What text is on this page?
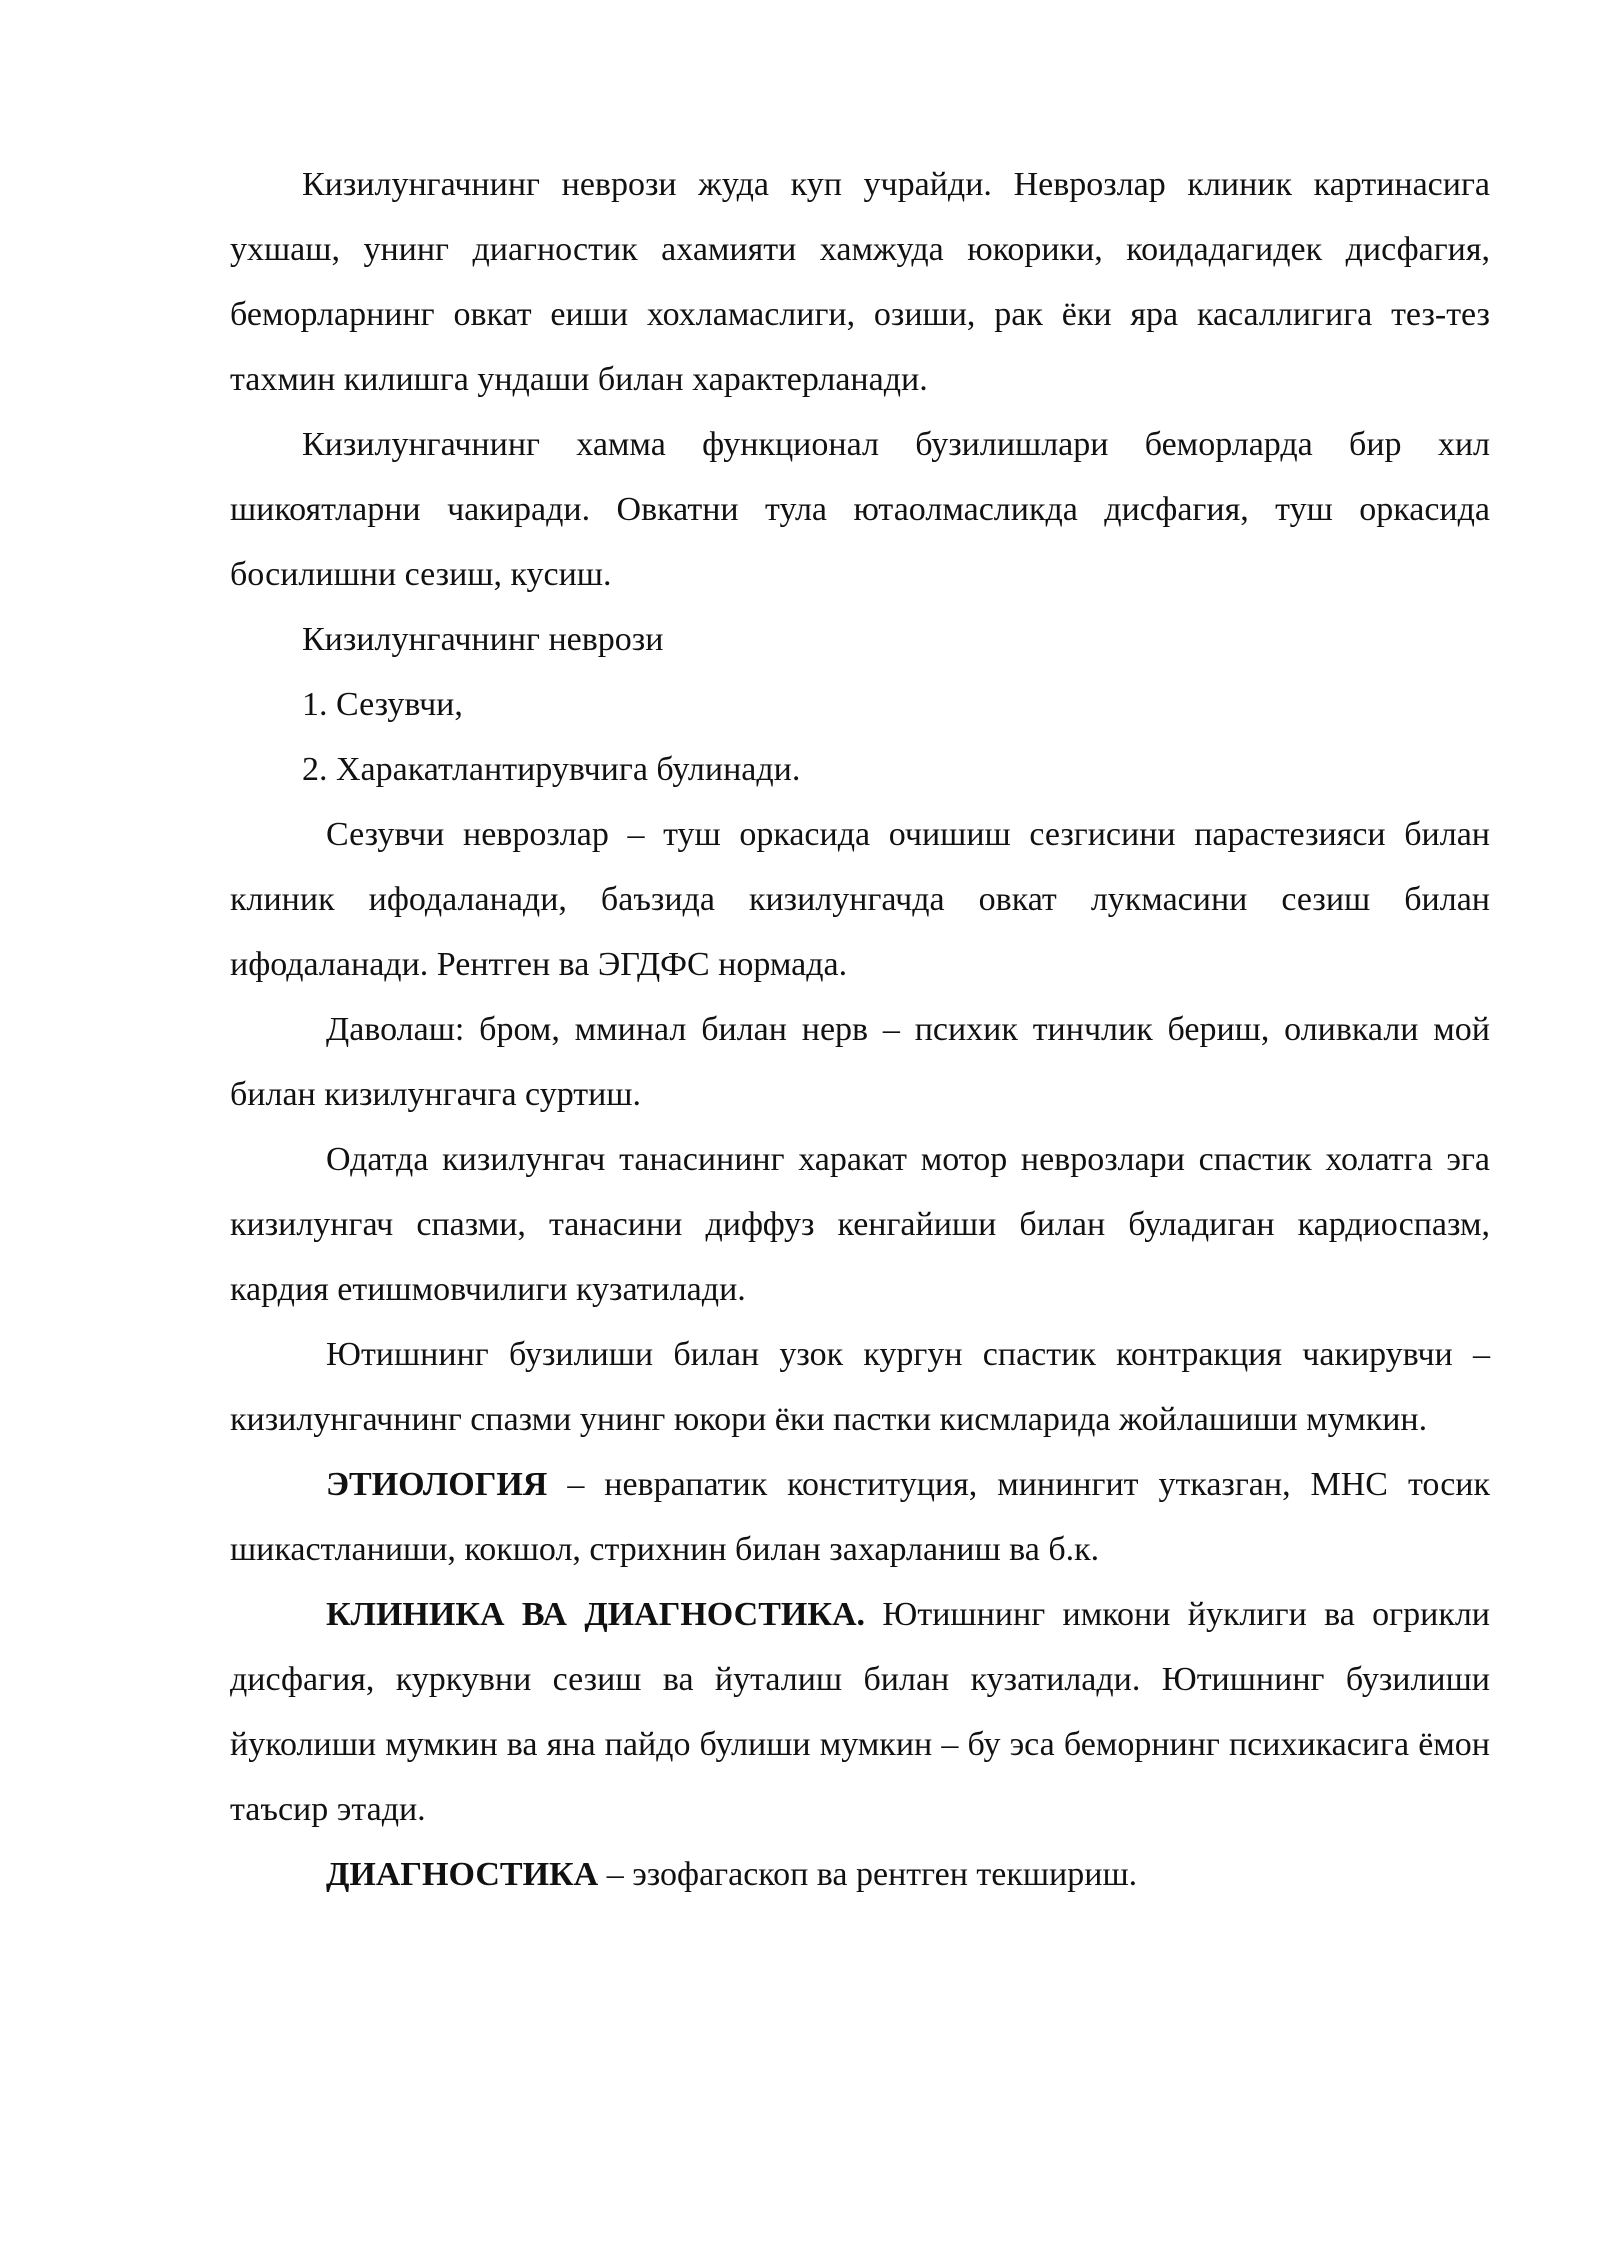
Кизилунгачнинг неврози жуда куп учрайди. Неврозлар клиник картинасига ухшаш, унинг диагностик ахамияти хамжуда юкорики, коидадагидек дисфагия, беморларнинг овкат еиши хохламаслиги, озиши, рак ёки яра касаллигига тез-тез тахмин килишга ундаши билан характерланади.

Кизилунгачнинг хамма функционал бузилишлари беморларда бир хил шикоятларни чакиради. Овкатни тула ютаолмасликда дисфагия, туш оркасида босилишни сезиш, кусиш.

Кизилунгачнинг неврози

1. Сезувчи,

2. Харакатлантирувчига булинади.

Сезувчи неврозлар – туш оркасида очишиш сезгисини парастезияси билан клиник ифодаланади, баъзида кизилунгачда овкат лукмасини сезиш билан ифодаланади. Рентген ва ЭГДФС нормада.

Даволаш: бром, мминал билан нерв – психик тинчлик бериш, оливкали мой билан кизилунгачга суртиш.

Одатда кизилунгач танасининг харакат мотор неврозлари спастик холатга эга кизилунгач спазми, танасини диффуз кенгайиши билан буладиган кардиоспазм, кардия етишмовчилиги кузатилади.

Ютишнинг бузилиши билан узок кургун спастик контракция чакирувчи – кизилунгачнинг спазми унинг юкори ёки пастки кисмларида жойлашиши мумкин.

ЭТИОЛОГИЯ – неврапатик конституция, минингит утказган, МНС тосик шикастланиши, кокшол, стрихнин билан захарланиш ва б.к.

КЛИНИКА ВА ДИАГНОСТИКА. Ютишнинг имкони йуклиги ва огрикли дисфагия, куркувни сезиш ва йуталиш билан кузатилади. Ютишнинг бузилиши йуколиши мумкин ва яна пайдо булиши мумкин – бу эса беморнинг психикасига ёмон таъсир этади.

ДИАГНОСТИКА – эзофагаскоп ва рентген текшириш.
